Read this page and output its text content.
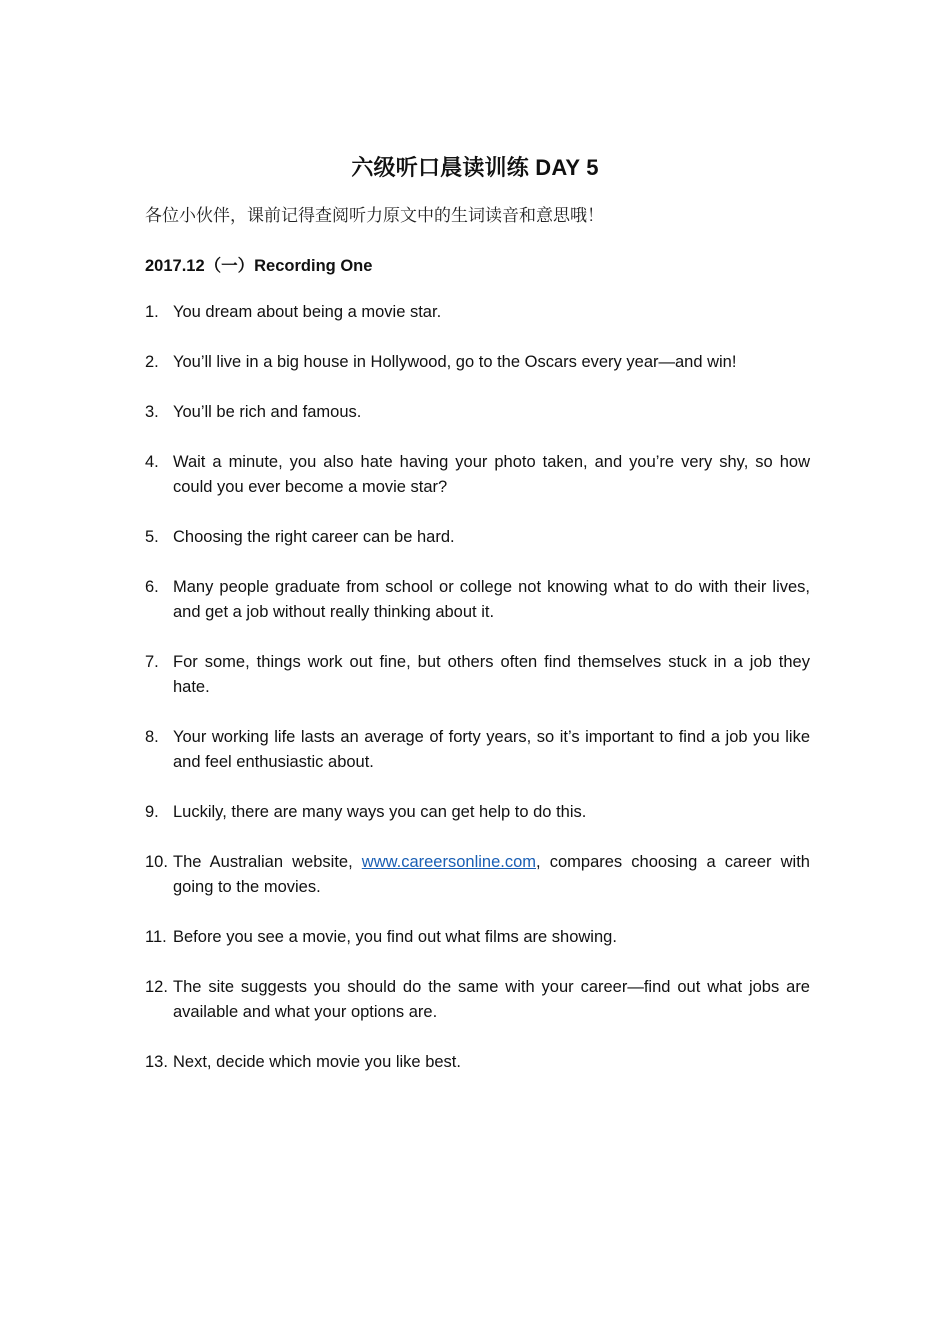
六级听口晨读训练 DAY 5
各位小伙伴，课前记得查阅听力原文中的生词读音和意思哦！
2017.12（一）Recording One
1. You dream about being a movie star.
2. You’ll live in a big house in Hollywood, go to the Oscars every year—and win!
3. You’ll be rich and famous.
4. Wait a minute, you also hate having your photo taken, and you’re very shy, so how could you ever become a movie star?
5. Choosing the right career can be hard.
6. Many people graduate from school or college not knowing what to do with their lives, and get a job without really thinking about it.
7. For some, things work out fine, but others often find themselves stuck in a job they hate.
8. Your working life lasts an average of forty years, so it’s important to find a job you like and feel enthusiastic about.
9. Luckily, there are many ways you can get help to do this.
10. The Australian website, www.careersonline.com, compares choosing a career with going to the movies.
11. Before you see a movie, you find out what films are showing.
12. The site suggests you should do the same with your career—find out what jobs are available and what your options are.
13. Next, decide which movie you like best.
